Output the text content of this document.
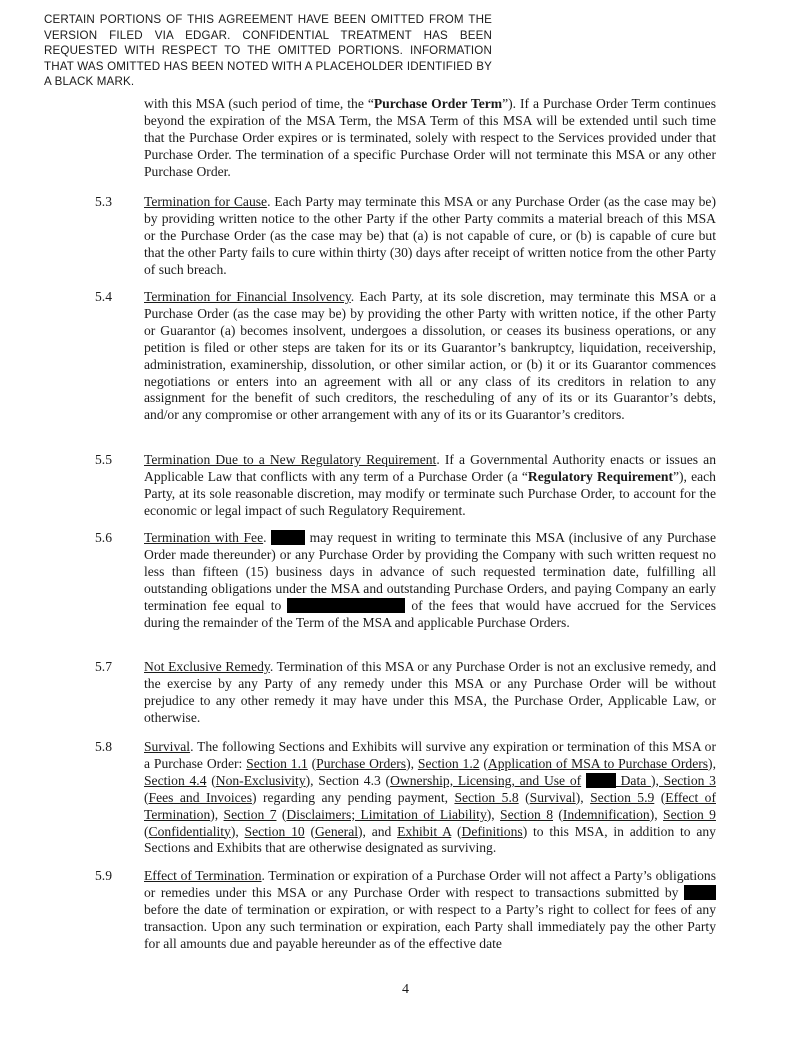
CERTAIN PORTIONS OF THIS AGREEMENT HAVE BEEN OMITTED FROM THE VERSION FILED VIA EDGAR. CONFIDENTIAL TREATMENT HAS BEEN REQUESTED WITH RESPECT TO THE OMITTED PORTIONS. INFORMATION THAT WAS OMITTED HAS BEEN NOTED WITH A PLACEHOLDER IDENTIFIED BY A BLACK MARK.
with this MSA (such period of time, the “Purchase Order Term”). If a Purchase Order Term continues beyond the expiration of the MSA Term, the MSA Term of this MSA will be extended until such time that the Purchase Order expires or is terminated, solely with respect to the Services provided under that Purchase Order. The termination of a specific Purchase Order will not terminate this MSA or any other Purchase Order.
5.3	Termination for Cause. Each Party may terminate this MSA or any Purchase Order (as the case may be) by providing written notice to the other Party if the other Party commits a material breach of this MSA or the Purchase Order (as the case may be) that (a) is not capable of cure, or (b) is capable of cure but that the other Party fails to cure within thirty (30) days after receipt of written notice from the other Party of such breach.
5.4	Termination for Financial Insolvency. Each Party, at its sole discretion, may terminate this MSA or a Purchase Order (as the case may be) by providing the other Party with written notice, if the other Party or Guarantor (a) becomes insolvent, undergoes a dissolution, or ceases its business operations, or any petition is filed or other steps are taken for its or its Guarantor’s bankruptcy, liquidation, receivership, administration, examinership, dissolution, or other similar action, or (b) it or its Guarantor commences negotiations or enters into an agreement with all or any class of its creditors in relation to any assignment for the benefit of such creditors, the rescheduling of any of its or its Guarantor’s debts, and/or any compromise or other arrangement with any of its or its Guarantor’s creditors.
5.5	Termination Due to a New Regulatory Requirement. If a Governmental Authority enacts or issues an Applicable Law that conflicts with any term of a Purchase Order (a “Regulatory Requirement”), each Party, at its sole reasonable discretion, may modify or terminate such Purchase Order, to account for the economic or legal impact of such Regulatory Requirement.
5.6	Termination with Fee.	may request in writing to terminate this MSA (inclusive of any Purchase Order made thereunder) or any Purchase Order by providing the Company with such written request no less than fifteen (15) business days in advance of such requested termination date, fulfilling all outstanding obligations under the MSA and outstanding Purchase Orders, and paying Company an early termination fee equal to	of the fees that would have accrued for the Services during the remainder of the Term of the MSA and applicable Purchase Orders.
5.7	Not Exclusive Remedy. Termination of this MSA or any Purchase Order is not an exclusive remedy, and the exercise by any Party of any remedy under this MSA or any Purchase Order will be without prejudice to any other remedy it may have under this MSA, the Purchase Order, Applicable Law, or otherwise.
5.8	Survival. The following Sections and Exhibits will survive any expiration or termination of this MSA or a Purchase Order: Section 1.1 (Purchase Orders), Section 1.2 (Application of MSA to Purchase Orders), Section 4.4 (Non-Exclusivity), Section 4.3 (Ownership, Licensing, and Use of	Data ), Section 3 (Fees and Invoices) regarding any pending payment, Section 5.8 (Survival), Section 5.9 (Effect of Termination), Section 7 (Disclaimers; Limitation of Liability), Section 8 (Indemnification), Section 9 (Confidentiality), Section 10 (General), and Exhibit A (Definitions) to this MSA, in addition to any Sections and Exhibits that are otherwise designated as surviving.
5.9	Effect of Termination. Termination or expiration of a Purchase Order will not affect a Party’s obligations or remedies under this MSA or any Purchase Order with respect to transactions submitted by  before the date of termination or expiration, or with respect to a Party’s right to collect for fees of any transaction. Upon any such termination or expiration, each Party shall immediately pay the other Party for all amounts due and payable hereunder as of the effective date
4
